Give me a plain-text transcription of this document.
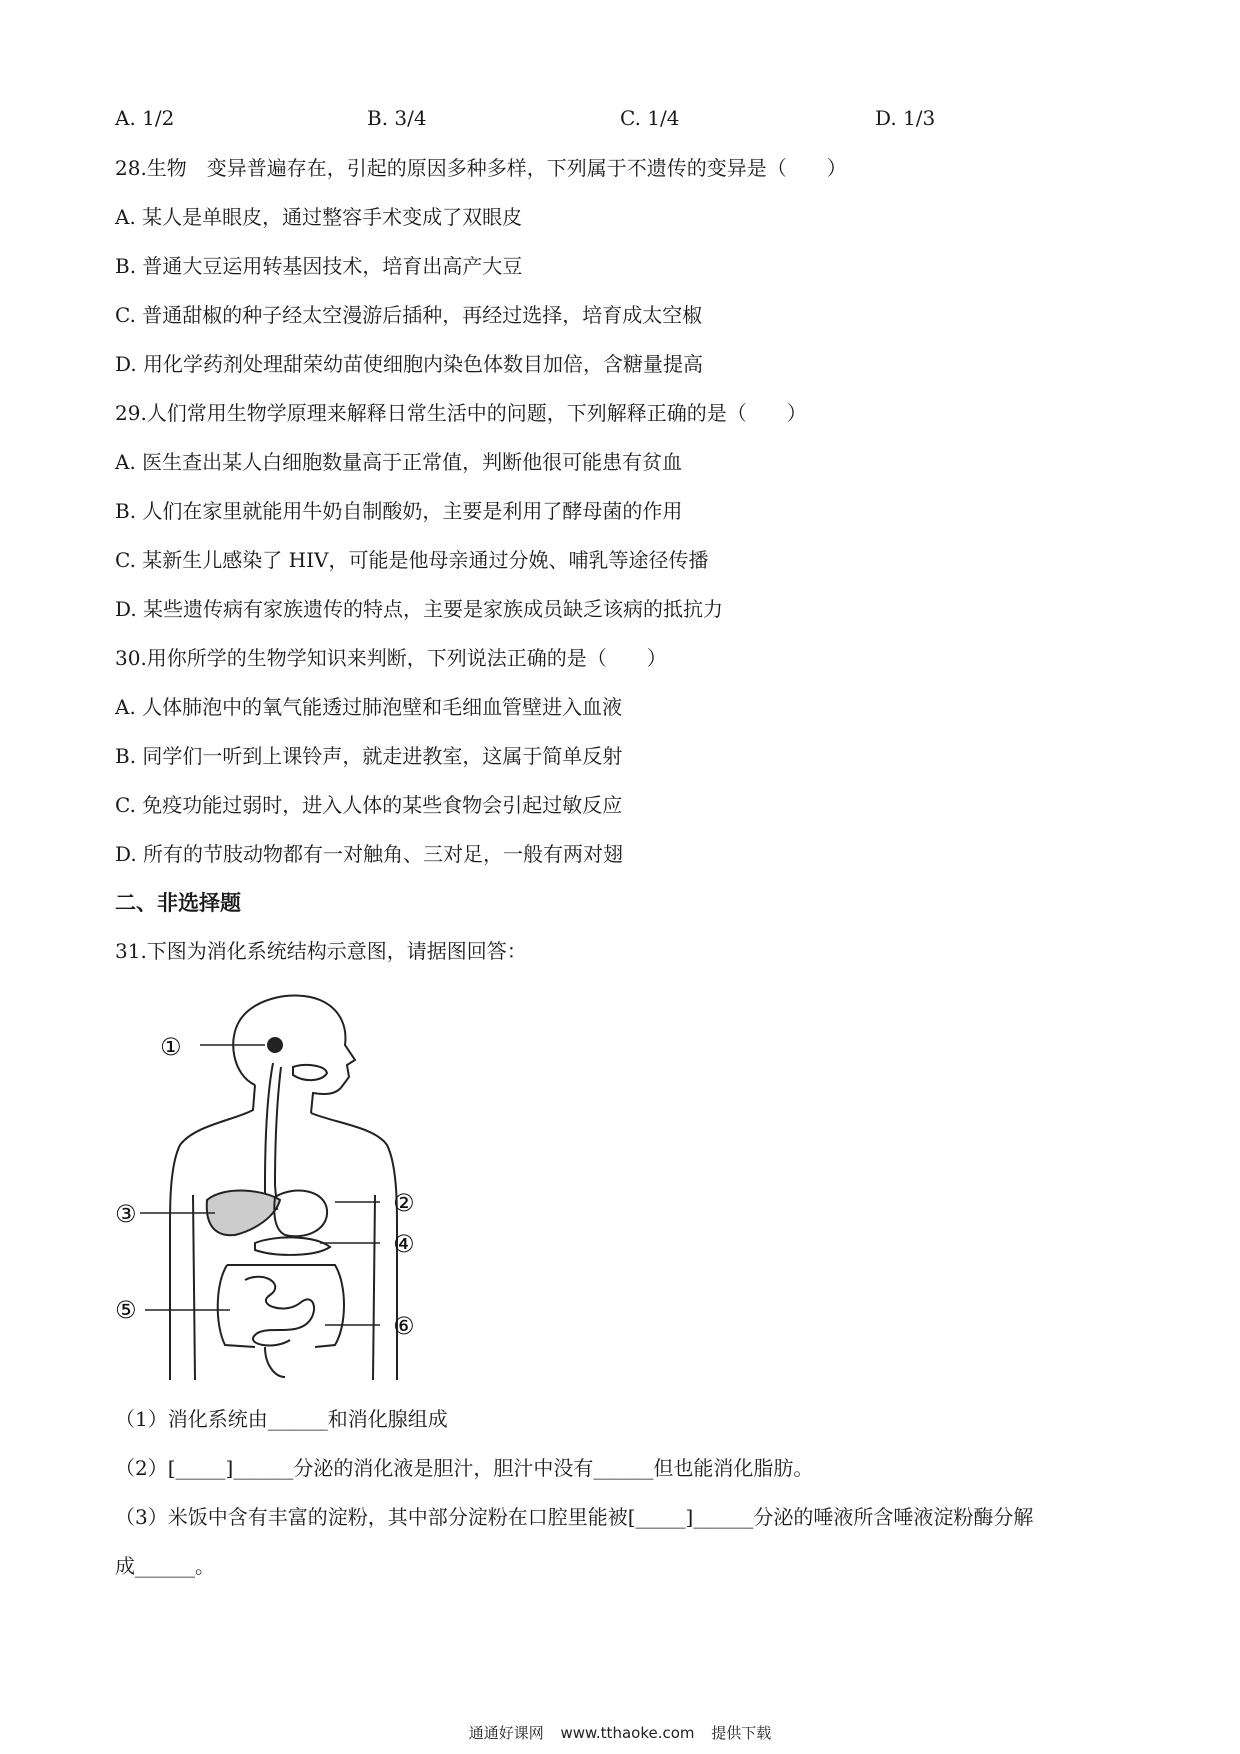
A. 1/2	B. 3/4	C. 1/4	D. 1/3
28.生物　变异普遍存在，引起的原因多种多样，下列属于不遗传的变异是（　　）
A. 某人是单眼皮，通过整容手术变成了双眼皮
B. 普通大豆运用转基因技术，培育出高产大豆
C. 普通甜椒的种子经太空漫游后插种，再经过选择，培育成太空椒
D. 用化学药剂处理甜荣幼苗使细胞内染色体数目加倍，含糖量提高
29.人们常用生物学原理来解释日常生活中的问题，下列解释正确的是（　　）
A. 医生查出某人白细胞数量高于正常值，判断他很可能患有贫血
B. 人们在家里就能用牛奶自制酸奶，主要是利用了酵母菌的作用
C. 某新生儿感染了 HIV，可能是他母亲通过分娩、哺乳等途径传播
D. 某些遗传病有家族遗传的特点，主要是家族成员缺乏该病的抵抗力
30.用你所学的生物学知识来判断，下列说法正确的是（　　）
A. 人体肺泡中的氧气能透过肺泡壁和毛细血管壁进入血液
B. 同学们一听到上课铃声，就走进教室，这属于简单反射
C. 免疫功能过弱时，进入人体的某些食物会引起过敏反应
D. 所有的节肢动物都有一对触角、三对足，一般有两对翅
二、非选择题
31.下图为消化系统结构示意图，请据图回答：
①
②
③
④
⑤
⑥
（1）消化系统由______和消化腺组成
（2）[_____]______分泌的消化液是胆汁，胆汁中没有______但也能消化脂肪。
（3）米饭中含有丰富的淀粉，其中部分淀粉在口腔里能被[_____]______分泌的唾液所含唾液淀粉酶分解
成______。
通通好课网 www.tthaoke.com 提供下载
